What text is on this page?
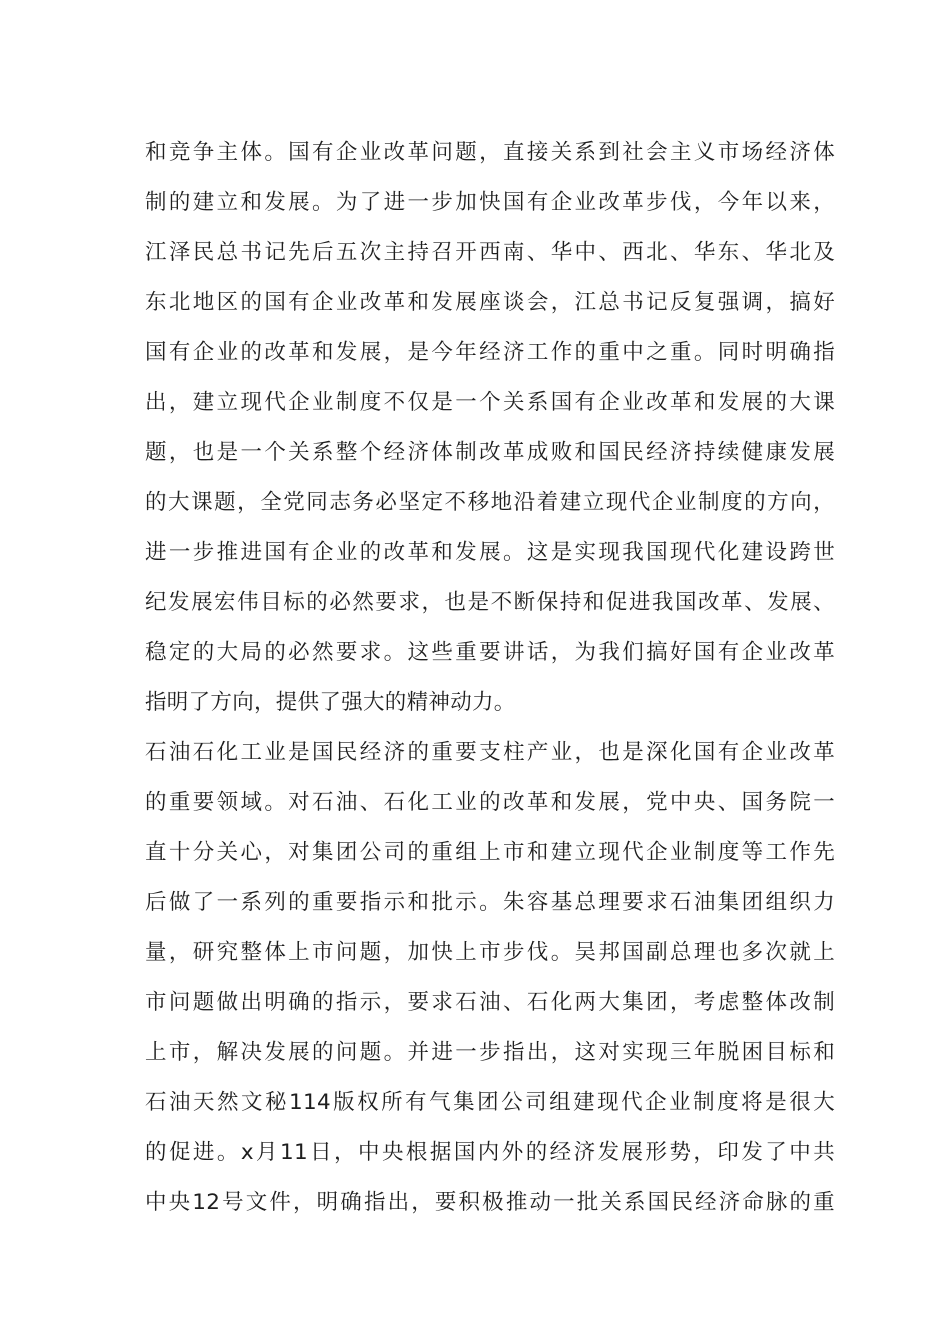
和竞争主体。国有企业改革问题，直接关系到社会主义市场经济体
制的建立和发展。为了进一步加快国有企业改革步伐，今年以来，
江泽民总书记先后五次主持召开西南、华中、西北、华东、华北及
东北地区的国有企业改革和发展座谈会，江总书记反复强调，搞好
国有企业的改革和发展，是今年经济工作的重中之重。同时明确指
出，建立现代企业制度不仅是一个关系国有企业改革和发展的大课
题，也是一个关系整个经济体制改革成败和国民经济持续健康发展
的大课题，全党同志务必坚定不移地沿着建立现代企业制度的方向，
进一步推进国有企业的改革和发展。这是实现我国现代化建设跨世
纪发展宏伟目标的必然要求，也是不断保持和促进我国改革、发展、
稳定的大局的必然要求。这些重要讲话，为我们搞好国有企业改革
指明了方向，提供了强大的精神动力。
石油石化工业是国民经济的重要支柱产业，也是深化国有企业改革
的重要领域。对石油、石化工业的改革和发展，党中央、国务院一
直十分关心，对集团公司的重组上市和建立现代企业制度等工作先
后做了一系列的重要指示和批示。朱容基总理要求石油集团组织力
量，研究整体上市问题，加快上市步伐。吴邦国副总理也多次就上
市问题做出明确的指示，要求石油、石化两大集团，考虑整体改制
上市，解决发展的问题。并进一步指出，这对实现三年脱困目标和
石油天然文秘114版权所有气集团公司组建现代企业制度将是很大
的促进。x月11日，中央根据国内外的经济发展形势，印发了中共
中央12号文件，明确指出，要积极推动一批关系国民经济命脉的重
